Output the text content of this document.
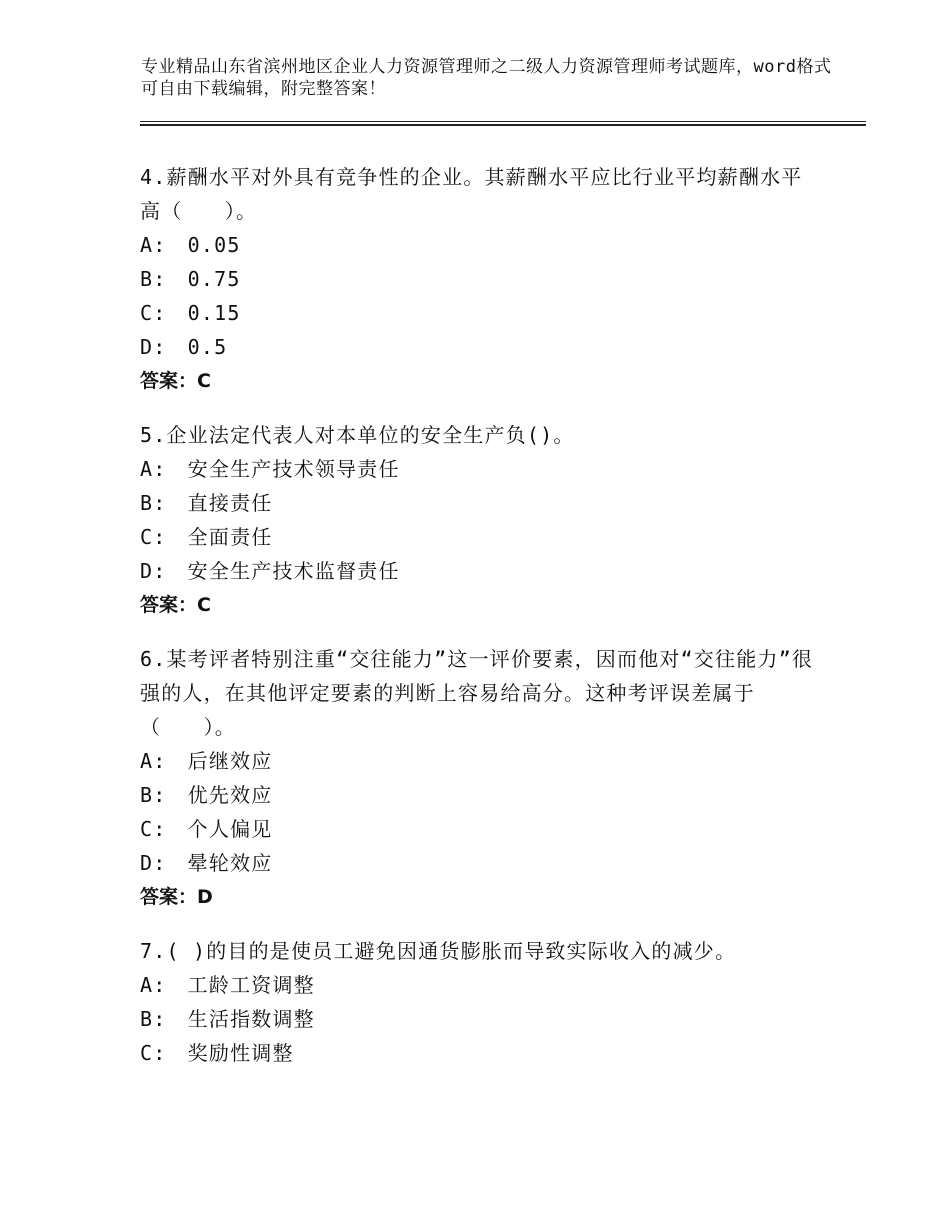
专业精品山东省滨州地区企业人力资源管理师之二级人力资源管理师考试题库，word格式可自由下载编辑，附完整答案！

4.薪酬水平对外具有竞争性的企业。其薪酬水平应比行业平均薪酬水平高（　　）。

A:　0.05

B:　0.75

C:　0.15

D:　0.5

答案：C

5.企业法定代表人对本单位的安全生产负()。

A:　安全生产技术领导责任

B:　直接责任

C:　全面责任

D:　安全生产技术监督责任

答案：C

6.某考评者特别注重“交往能力”这一评价要素，因而他对“交往能力”很强的人，在其他评定要素的判断上容易给高分。这种考评误差属于（　　）。

A:　后继效应

B:　优先效应

C:　个人偏见

D:　晕轮效应

答案：D

7.( )的目的是使员工避免因通货膨胀而导致实际收入的减少。

A:　工龄工资调整

B:　生活指数调整

C:　奖励性调整
